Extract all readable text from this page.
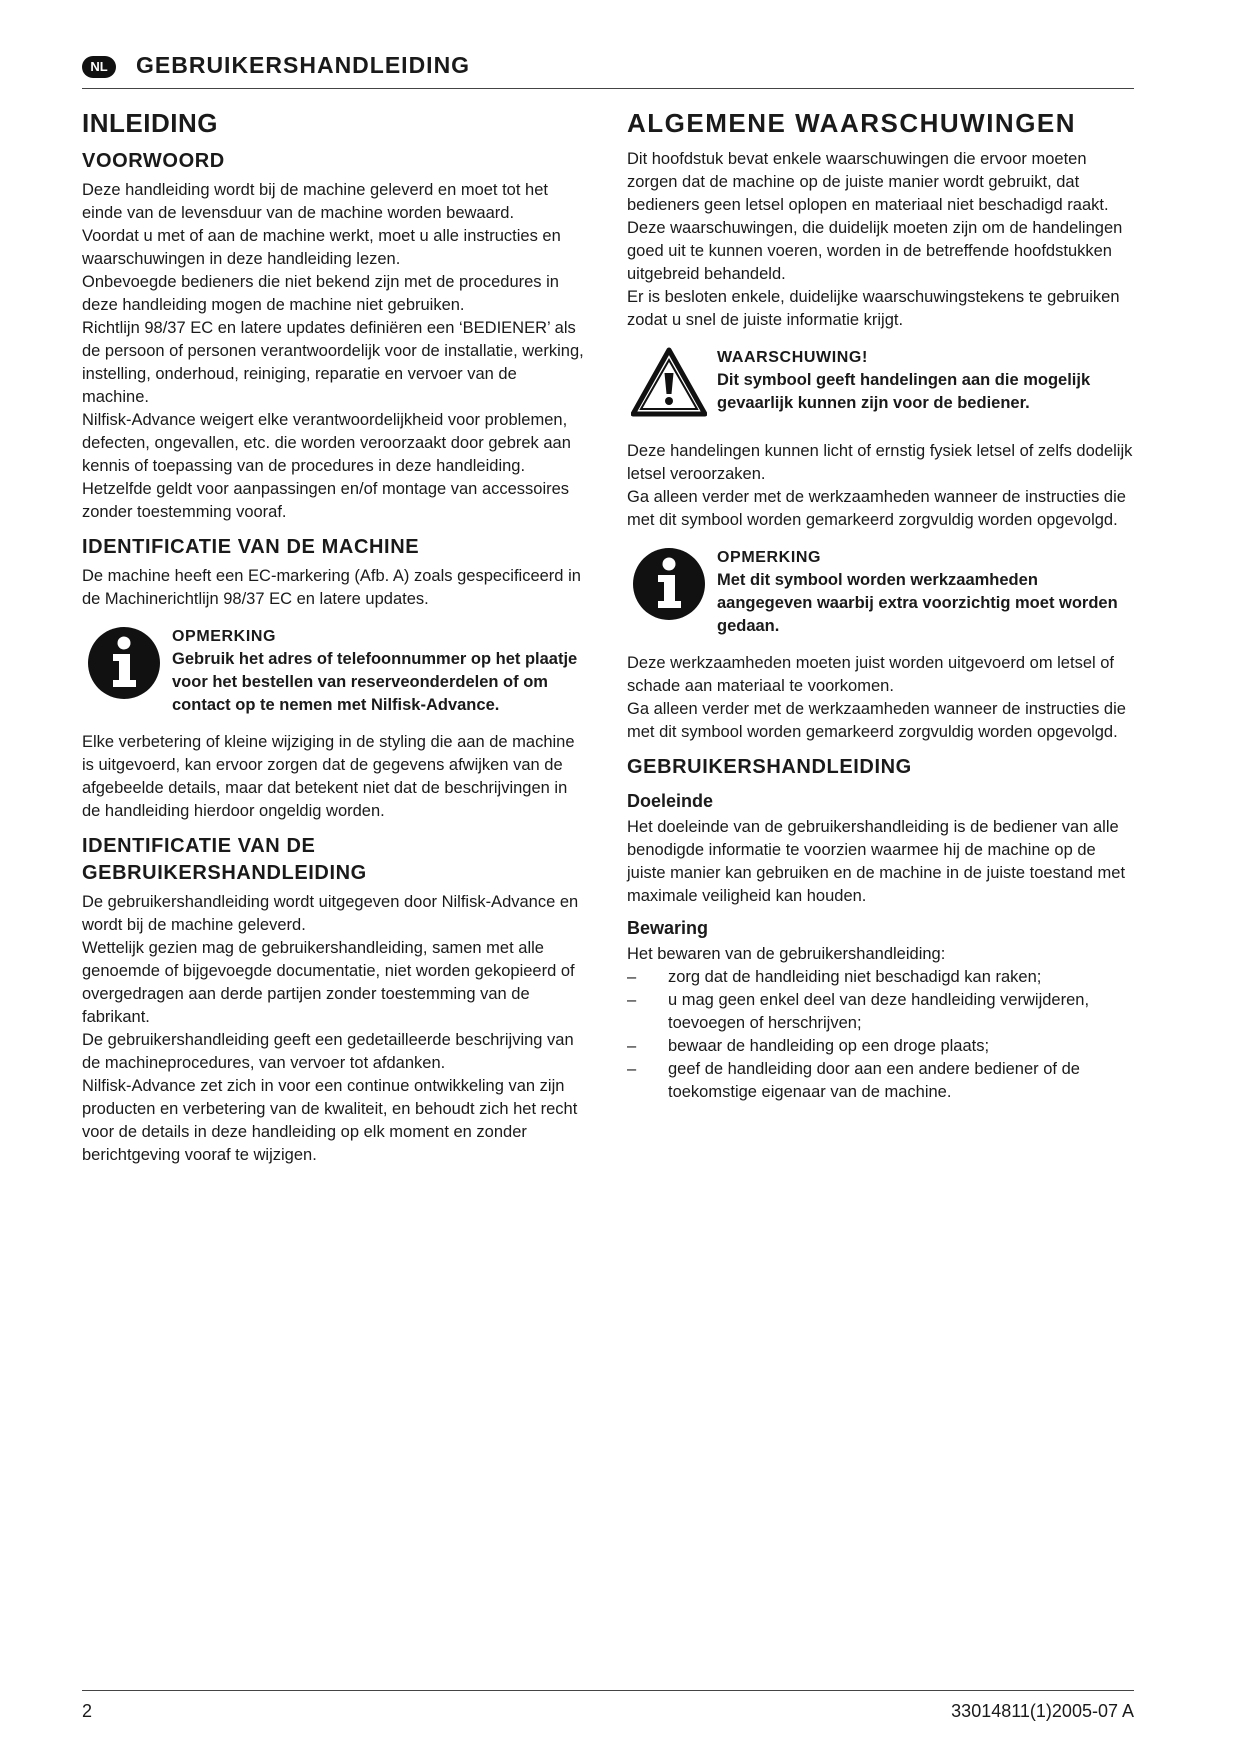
NL	GEBRUIKERSHANDLEIDING
INLEIDING
VOORWOORD

Deze handleiding wordt bij de machine geleverd en moet tot het einde van de levensduur van de machine worden bewaard.

Voordat u met of aan de machine werkt, moet u alle instructies en waarschuwingen in deze handleiding lezen.

Onbevoegde bedieners die niet bekend zijn met de procedures in deze handleiding mogen de machine niet gebruiken.

Richtlijn 98/37 EC en latere updates definiëren een ‘BEDIENER’ als de persoon of personen verantwoordelijk voor de installatie, werking, instelling, onderhoud, reiniging, reparatie en vervoer van de machine.

Nilfisk-Advance weigert elke verantwoordelijkheid voor problemen, defecten, ongevallen, etc. die worden veroorzaakt door gebrek aan kennis of toepassing van de procedures in deze handleiding.

Hetzelfde geldt voor aanpassingen en/of montage van accessoires zonder toestemming vooraf.

IDENTIFICATIE VAN DE MACHINE

De machine heeft een EC-markering (Afb. A) zoals gespecificeerd in de Machinerichtlijn 98/37 EC en latere updates.

OPMERKING
Gebruik het adres of telefoonnummer op het plaatje voor het bestellen van reserveonderdelen of om contact op te nemen met Nilfisk-Advance.

Elke verbetering of kleine wijziging in de styling die aan de machine is uitgevoerd, kan ervoor zorgen dat de gegevens afwijken van de afgebeelde details, maar dat betekent niet dat de beschrijvingen in de handleiding hierdoor ongeldig worden.

IDENTIFICATIE VAN DE GEBRUIKERSHANDLEIDING

De gebruikershandleiding wordt uitgegeven door Nilfisk-Advance en wordt bij de machine geleverd.

Wettelijk gezien mag de gebruikershandleiding, samen met alle genoemde of bijgevoegde documentatie, niet worden gekopieerd of overgedragen aan derde partijen zonder toestemming van de fabrikant.

De gebruikershandleiding geeft een gedetailleerde beschrijving van de machineprocedures, van vervoer tot afdanken.

Nilfisk-Advance zet zich in voor een continue ontwikkeling van zijn producten en verbetering van de kwaliteit, en behoudt zich het recht voor de details in deze handleiding op elk moment en zonder berichtgeving vooraf te wijzigen.

ALGEMENE WAARSCHUWINGEN

Dit hoofdstuk bevat enkele waarschuwingen die ervoor moeten zorgen dat de machine op de juiste manier wordt gebruikt, dat bedieners geen letsel oplopen en materiaal niet beschadigd raakt.

Deze waarschuwingen, die duidelijk moeten zijn om de handelingen goed uit te kunnen voeren, worden in de betreffende hoofdstukken uitgebreid behandeld.

Er is besloten enkele, duidelijke waarschuwingstekens te gebruiken zodat u snel de juiste informatie krijgt.

WAARSCHUWING!
Dit symbool geeft handelingen aan die mogelijk gevaarlijk kunnen zijn voor de bediener.

Deze handelingen kunnen licht of ernstig fysiek letsel of zelfs dodelijk letsel veroorzaken.

Ga alleen verder met de werkzaamheden wanneer de instructies die met dit symbool worden gemarkeerd zorgvuldig worden opgevolgd.

OPMERKING
Met dit symbool worden werkzaamheden aangegeven waarbij extra voorzichtig moet worden gedaan.

Deze werkzaamheden moeten juist worden uitgevoerd om letsel of schade aan materiaal te voorkomen.

Ga alleen verder met de werkzaamheden wanneer de instructies die met dit symbool worden gemarkeerd zorgvuldig worden opgevolgd.

GEBRUIKERSHANDLEIDING
Doeleinde

Het doeleinde van de gebruikershandleiding is de bediener van alle benodigde informatie te voorzien waarmee hij de machine op de juiste manier kan gebruiken en de machine in de juiste toestand met maximale veiligheid kan houden.

Bewaring

Het bewaren van de gebruikershandleiding:

– zorg dat de handleiding niet beschadigd kan raken;
– u mag geen enkel deel van deze handleiding verwijderen, toevoegen of herschrijven;
– bewaar de handleiding op een droge plaats;
– geef de handleiding door aan een andere bediener of de toekomstige eigenaar van de machine.
2	33014811(1)2005-07 A
